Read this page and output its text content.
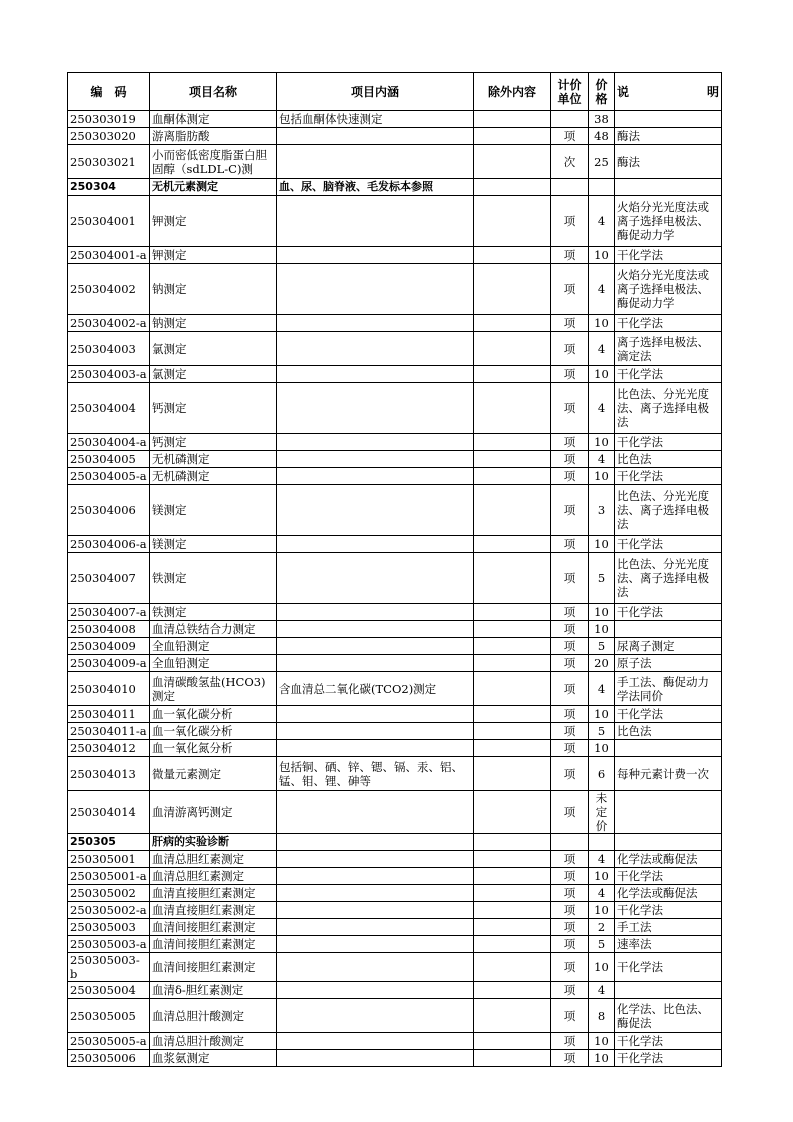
编　码	项目名称	项目内涵	除外内容	计价单位	价格	说 明

250303019	血酮体测定	包括血酮体快速测定			38	
250303020	游离脂肪酸			项	48	酶法
250303021	小而密低密度脂蛋白胆固醇（sdLDL-C)测			次	25	酶法
250304	无机元素测定	血、尿、脑脊液、毛发标本参照				
250304001	钾测定			项	4	火焰分光光度法或离子选择电极法、酶促动力学
250304001-a	钾测定			项	10	干化学法
250304002	钠测定			项	4	火焰分光光度法或离子选择电极法、酶促动力学
250304002-a	钠测定			项	10	干化学法
250304003	氯测定			项	4	离子选择电极法、滴定法
250304003-a	氯测定			项	10	干化学法
250304004	钙测定			项	4	比色法、分光光度法、离子选择电极法
250304004-a	钙测定			项	10	干化学法
250304005	无机磷测定			项	4	比色法
250304005-a	无机磷测定			项	10	干化学法
250304006	镁测定			项	3	比色法、分光光度法、离子选择电极法
250304006-a	镁测定			项	10	干化学法
250304007	铁测定			项	5	比色法、分光光度法、离子选择电极法
250304007-a	铁测定			项	10	干化学法
250304008	血清总铁结合力测定			项	10	
250304009	全血铅测定			项	5	尿离子测定
250304009-a	全血铅测定			项	20	原子法
250304010	血清碳酸氢盐(HCO3)测定	含血清总二氧化碳(TCO2)测定		项	4	手工法、酶促动力学法同价
250304011	血一氧化碳分析			项	10	干化学法
250304011-a	血一氧化碳分析			项	5	比色法
250304012	血一氧化氮分析			项	10	
250304013	微量元素测定	包括铜、硒、锌、锶、镉、汞、铝、锰、钼、锂、砷等		项	6	每种元素计费一次
250304014	血清游离钙测定			项	未定价	
250305	肝病的实验诊断					
250305001	血清总胆红素测定			项	4	化学法或酶促法
250305001-a	血清总胆红素测定			项	10	干化学法
250305002	血清直接胆红素测定			项	4	化学法或酶促法
250305002-a	血清直接胆红素测定			项	10	干化学法
250305003	血清间接胆红素测定			项	2	手工法
250305003-a	血清间接胆红素测定			项	5	速率法
250305003-b	血清间接胆红素测定			项	10	干化学法
250305004	血清δ-胆红素测定			项	4	
250305005	血清总胆汁酸测定			项	8	化学法、比色法、酶促法
250305005-a	血清总胆汁酸测定			项	10	干化学法
250305006	血浆氨测定			项	10	干化学法
